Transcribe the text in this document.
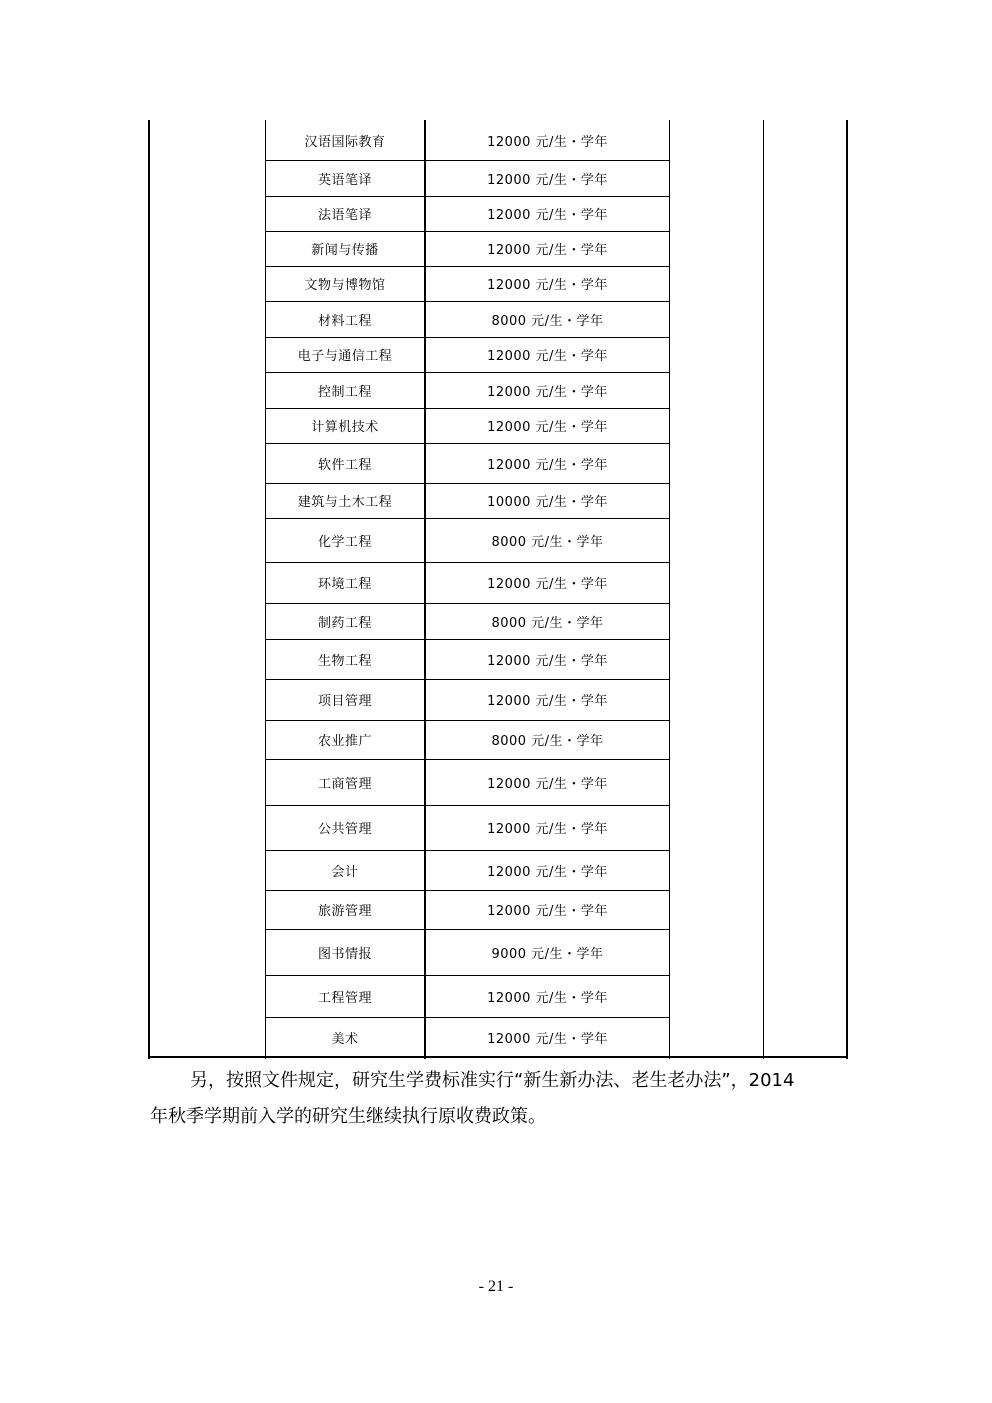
汉语国际教育	12000 元/生・学年
英语笔译	12000 元/生・学年
法语笔译	12000 元/生・学年
新闻与传播	12000 元/生・学年
文物与博物馆	12000 元/生・学年
材料工程	8000 元/生・学年
电子与通信工程	12000 元/生・学年
控制工程	12000 元/生・学年
计算机技术	12000 元/生・学年
软件工程	12000 元/生・学年
建筑与土木工程	10000 元/生・学年
化学工程	8000 元/生・学年
环境工程	12000 元/生・学年
制药工程	8000 元/生・学年
生物工程	12000 元/生・学年
项目管理	12000 元/生・学年
农业推广	8000 元/生・学年
工商管理	12000 元/生・学年
公共管理	12000 元/生・学年
会计	12000 元/生・学年
旅游管理	12000 元/生・学年
图书情报	9000 元/生・学年
工程管理	12000 元/生・学年
美术	12000 元/生・学年

另，按照文件规定，研究生学费标准实行“新生新办法、老生老办法”，2014

年秋季学期前入学的研究生继续执行原收费政策。

- 21 -
